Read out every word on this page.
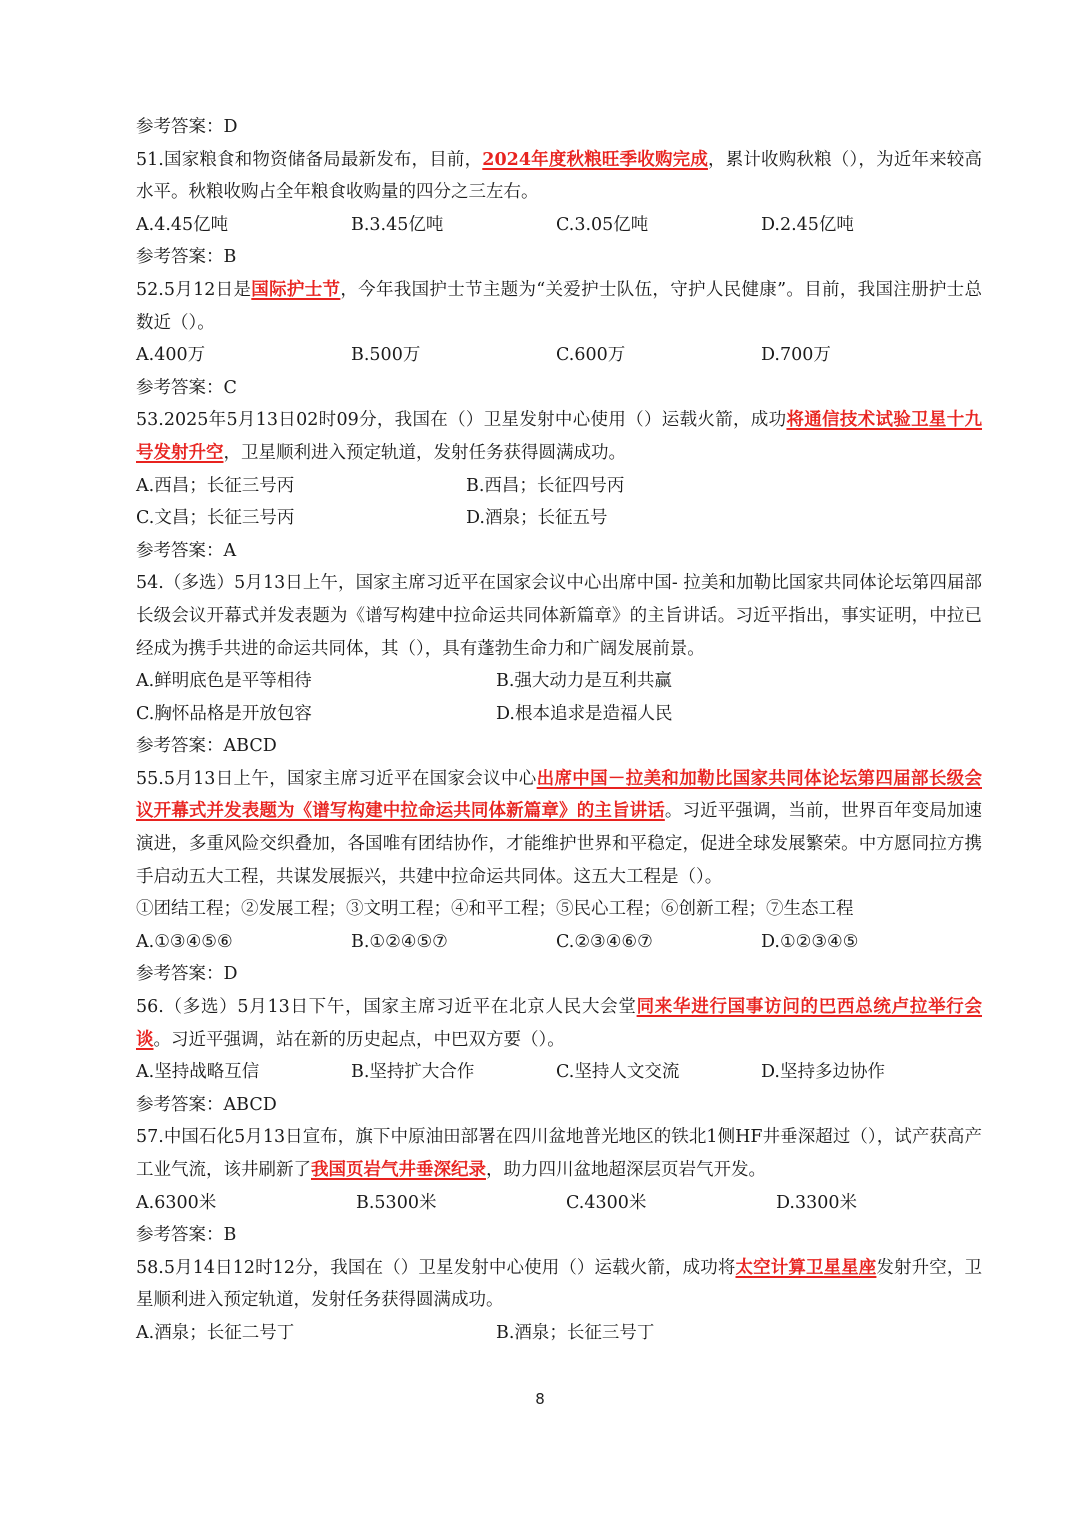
参考答案：D
51.国家粮食和物资储备局最新发布，目前，2024年度秋粮旺季收购完成，累计收购秋粮（），为近年来较高水平。秋粮收购占全年粮食收购量的四分之三左右。
A.4.45亿吨	B.3.45亿吨	C.3.05亿吨	D.2.45亿吨
参考答案：B
52.5月12日是国际护士节，今年我国护士节主题为“关爱护士队伍，守护人民健康”。目前，我国注册护士总数近（）。
A.400万	B.500万	C.600万	D.700万
参考答案：C
53.2025年5月13日02时09分，我国在（）卫星发射中心使用（）运载火箭，成功将通信技术试验卫星十九号发射升空，卫星顺利进入预定轨道，发射任务获得圆满成功。
A.西昌；长征三号丙	B.西昌；长征四号丙
C.文昌；长征三号丙	D.酒泉；长征五号
参考答案：A
54.（多选）5月13日上午，国家主席习近平在国家会议中心出席中国- 拉美和加勒比国家共同体论坛第四届部长级会议开幕式并发表题为《谱写构建中拉命运共同体新篇章》的主旨讲话。习近平指出，事实证明，中拉已经成为携手共进的命运共同体，其（），具有蓬勃生命力和广阔发展前景。
A.鲜明底色是平等相待	B.强大动力是互利共赢
C.胸怀品格是开放包容	D.根本追求是造福人民
参考答案：ABCD
55.5月13日上午，国家主席习近平在国家会议中心出席中国－拉美和加勒比国家共同体论坛第四届部长级会议开幕式并发表题为《谱写构建中拉命运共同体新篇章》的主旨讲话。习近平强调，当前，世界百年变局加速演进，多重风险交织叠加，各国唯有团结协作，才能维护世界和平稳定，促进全球发展繁荣。中方愿同拉方携手启动五大工程，共谋发展振兴，共建中拉命运共同体。这五大工程是（）。
①团结工程；②发展工程；③文明工程；④和平工程；⑤民心工程；⑥创新工程；⑦生态工程
A.①③④⑤⑥	B.①②④⑤⑦	C.②③④⑥⑦	D.①②③④⑤
参考答案：D
56.（多选）5月13日下午，国家主席习近平在北京人民大会堂同来华进行国事访问的巴西总统卢拉举行会谈。习近平强调，站在新的历史起点，中巴双方要（）。
A.坚持战略互信	B.坚持扩大合作	C.坚持人文交流	D.坚持多边协作
参考答案：ABCD
57.中国石化5月13日宣布，旗下中原油田部署在四川盆地普光地区的铁北1侧HF井垂深超过（），试产获高产工业气流，该井刷新了我国页岩气井垂深纪录，助力四川盆地超深层页岩气开发。
A.6300米	B.5300米	C.4300米	D.3300米
参考答案：B
58.5月14日12时12分，我国在（）卫星发射中心使用（）运载火箭，成功将太空计算卫星星座发射升空，卫星顺利进入预定轨道，发射任务获得圆满成功。
A.酒泉；长征二号丁	B.酒泉；长征三号丁
8
